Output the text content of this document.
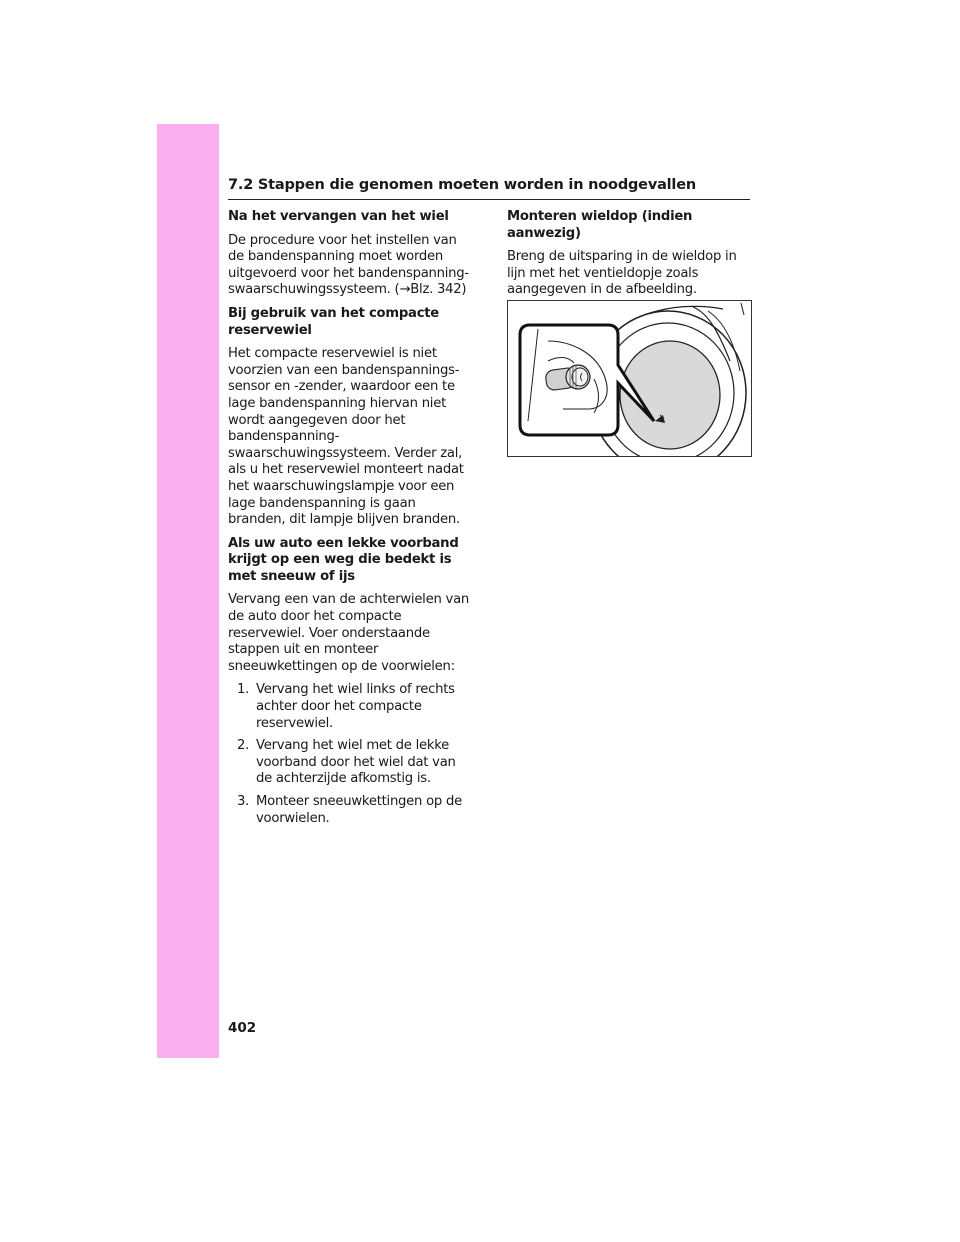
7.2 Stappen die genomen moeten worden in noodgevallen
Na het vervangen van het wiel

De procedure voor het instellen van de bandenspanning moet worden uitgevoerd voor het bandenspanning-swaarschuwingssysteem. (→Blz. 342)

Bij gebruik van het compacte reservewiel

Het compacte reservewiel is niet voorzien van een bandenspannings-sensor en -zender, waardoor een te lage bandenspanning hiervan niet wordt aangegeven door het bandenspanning-swaarschuwingssysteem. Verder zal, als u het reservewiel monteert nadat het waarschuwingslampje voor een lage bandenspanning is gaan branden, dit lampje blijven branden.

Als uw auto een lekke voorband krijgt op een weg die bedekt is met sneeuw of ijs

Vervang een van de achterwielen van de auto door het compacte reservewiel. Voer onderstaande stappen uit en monteer sneeuwkettingen op de voorwielen:

1. Vervang het wiel links of rechts achter door het compacte reservewiel.
2. Vervang het wiel met de lekke voorband door het wiel dat van de achterzijde afkomstig is.
3. Monteer sneeuwkettingen op de voorwielen.
Monteren wieldop (indien aanwezig)

Breng de uitsparing in de wieldop in lijn met het ventieldopje zoals aangegeven in de afbeelding.

402
